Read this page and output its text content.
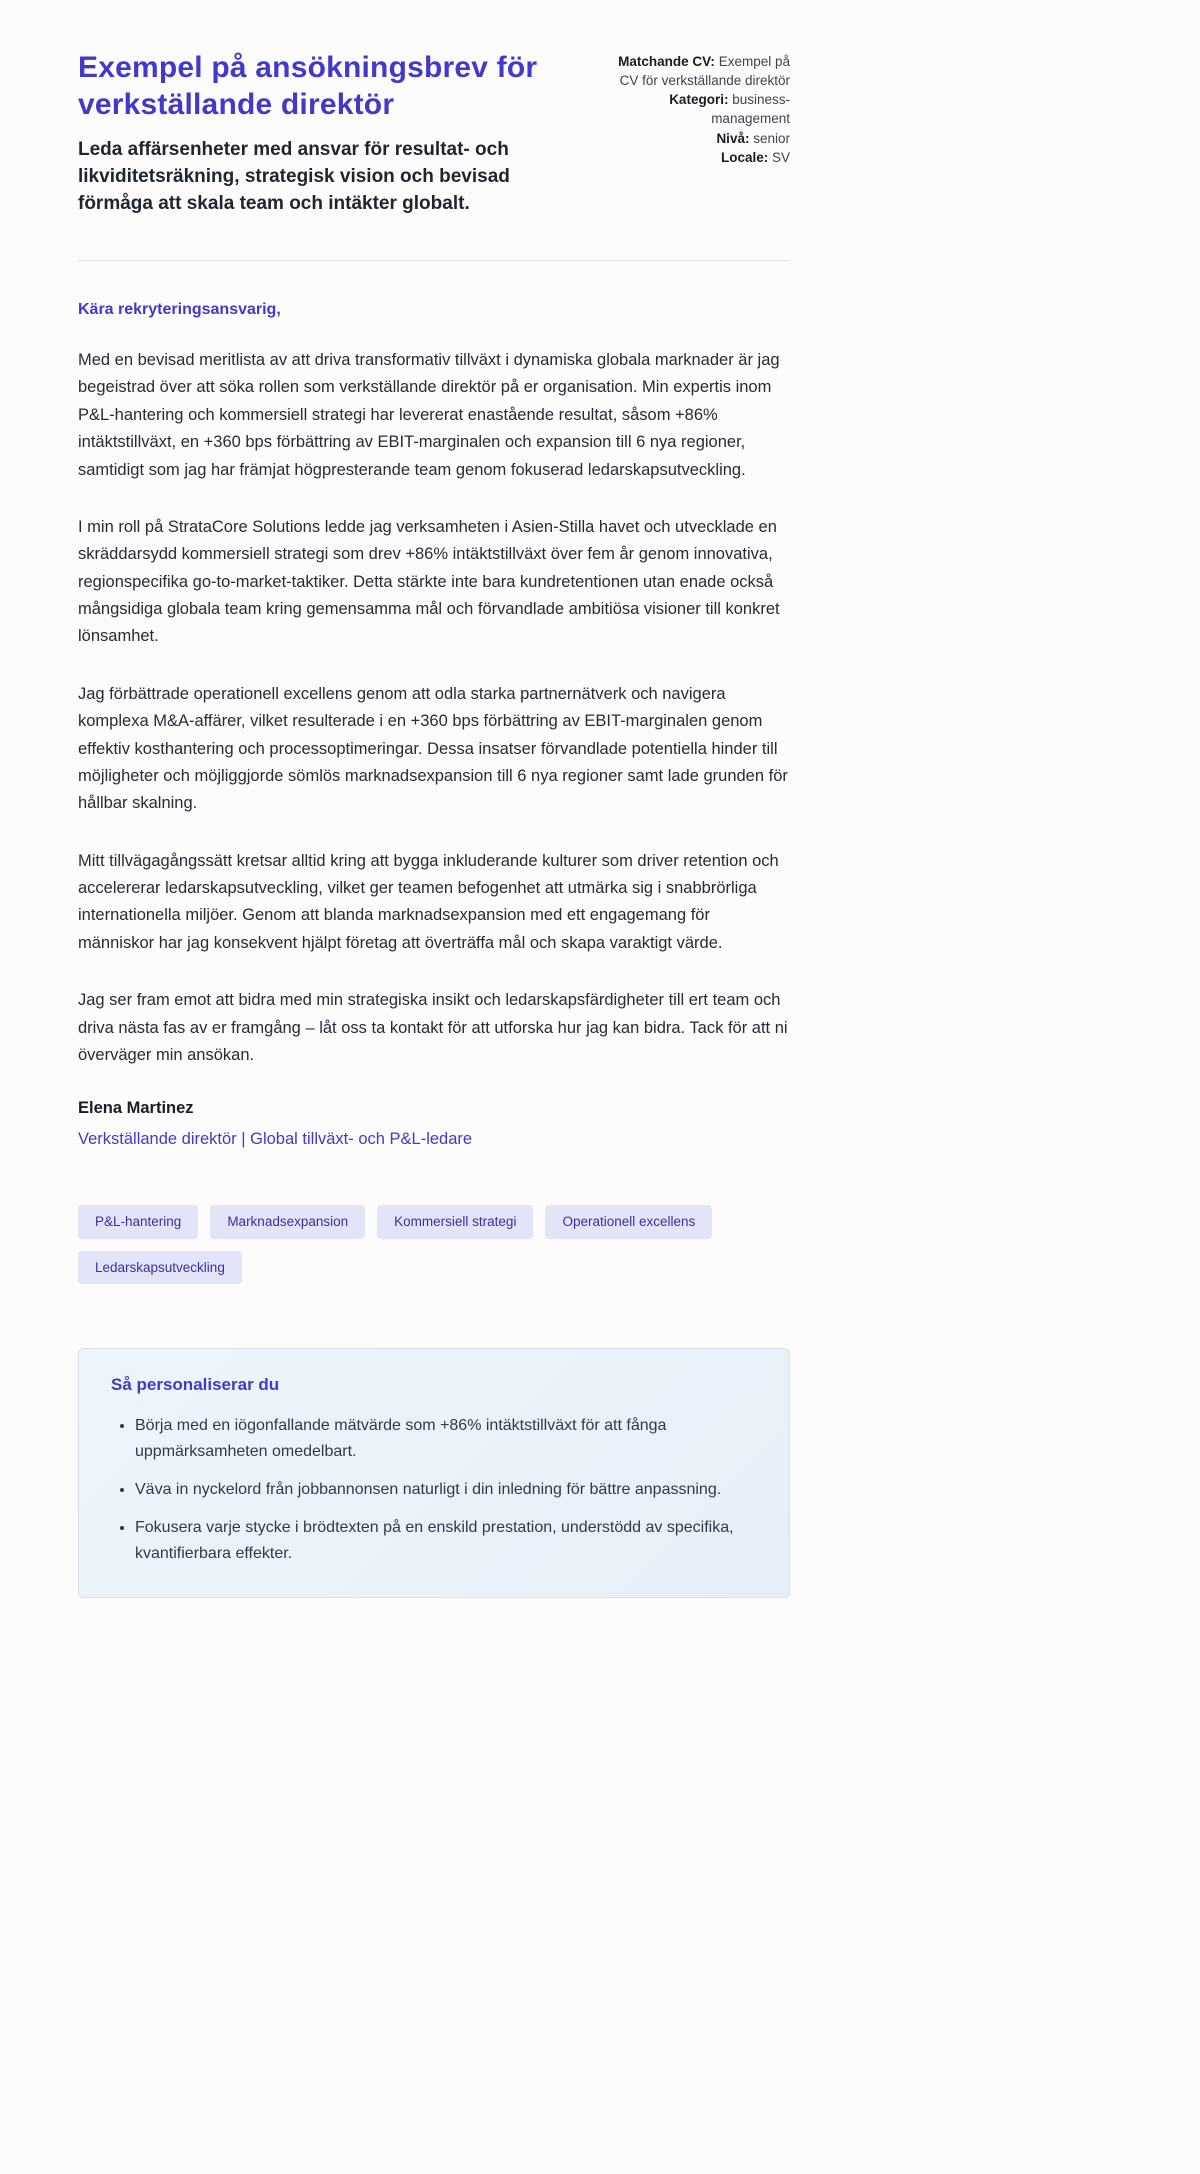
Exempel på ansökningsbrev för verkställande direktör

Leda affärsenheter med ansvar för resultat- och likviditetsräkning, strategisk vision och bevisad förmåga att skala team och intäkter globalt.

Matchande CV: Exempel på CV för verkställande direktör
Kategori: business-management
Nivå: senior
Locale: SV

Kära rekryteringsansvarig,

Med en bevisad meritlista av att driva transformativ tillväxt i dynamiska globala marknader är jag begeistrad över att söka rollen som verkställande direktör på er organisation. Min expertis inom P&L-hantering och kommersiell strategi har levererat enastående resultat, såsom +86% intäktstillväxt, en +360 bps förbättring av EBIT-marginalen och expansion till 6 nya regioner, samtidigt som jag har främjat högpresterande team genom fokuserad ledarskapsutveckling.

I min roll på StrataCore Solutions ledde jag verksamheten i Asien-Stilla havet och utvecklade en skräddarsydd kommersiell strategi som drev +86% intäktstillväxt över fem år genom innovativa, regionspecifika go-to-market-taktiker. Detta stärkte inte bara kundretentionen utan enade också mångsidiga globala team kring gemensamma mål och förvandlade ambitiösa visioner till konkret lönsamhet.

Jag förbättrade operationell excellens genom att odla starka partnernätverk och navigera komplexa M&A-affärer, vilket resulterade i en +360 bps förbättring av EBIT-marginalen genom effektiv kosthantering och processoptimeringar. Dessa insatser förvandlade potentiella hinder till möjligheter och möjliggjorde sömlös marknadsexpansion till 6 nya regioner samt lade grunden för hållbar skalning.

Mitt tillvägagångssätt kretsar alltid kring att bygga inkluderande kulturer som driver retention och accelererar ledarskapsutveckling, vilket ger teamen befogenhet att utmärka sig i snabbrörliga internationella miljöer. Genom att blanda marknadsexpansion med ett engagemang för människor har jag konsekvent hjälpt företag att överträffa mål och skapa varaktigt värde.

Jag ser fram emot att bidra med min strategiska insikt och ledarskapsfärdigheter till ert team och driva nästa fas av er framgång – låt oss ta kontakt för att utforska hur jag kan bidra. Tack för att ni överväger min ansökan.

Elena Martinez

Verkställande direktör | Global tillväxt- och P&L-ledare

P&L-hantering	Marknadsexpansion	Kommersiell strategi	Operationell excellens
Ledarskapsutveckling

Så personaliserar du

• Börja med en iögonfallande mätvärde som +86% intäktstillväxt för att fånga uppmärksamheten omedelbart.
• Väva in nyckelord från jobbannonsen naturligt i din inledning för bättre anpassning.
• Fokusera varje stycke i brödtexten på en enskild prestation, understödd av specifika, kvantifierbara effekter.
